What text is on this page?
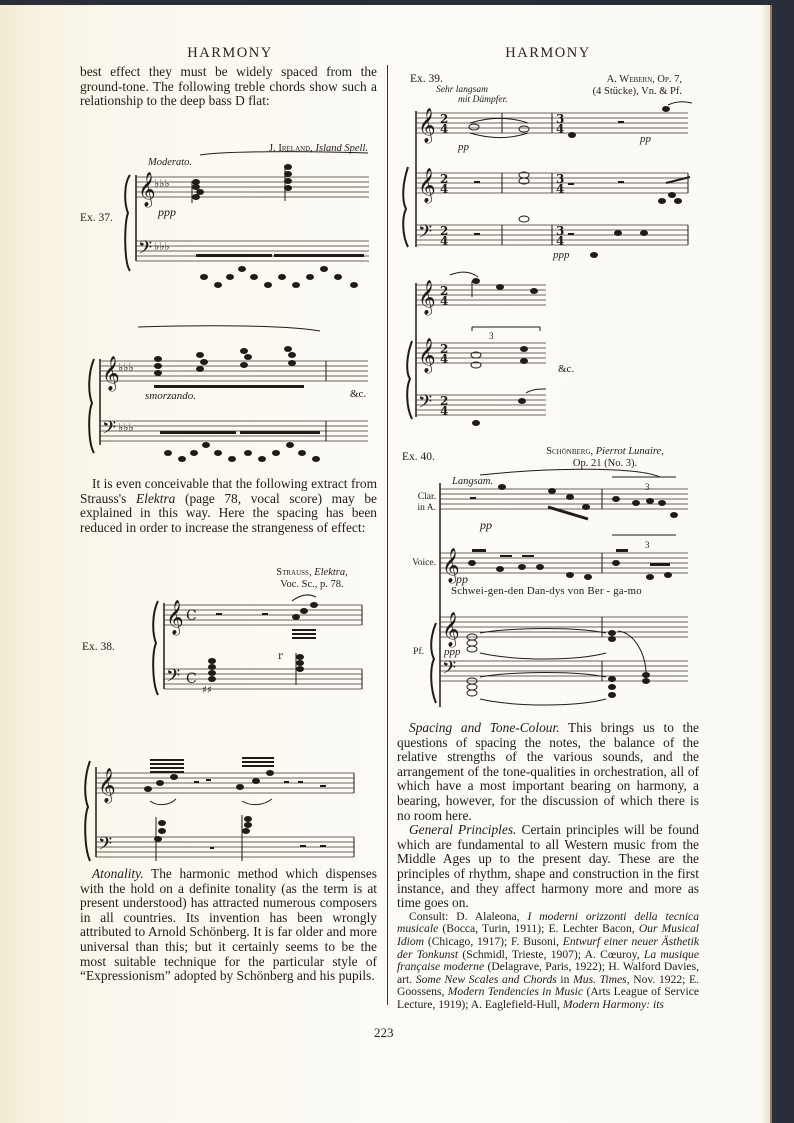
HARMONY	HARMONY

best effect they must be widely spaced from the ground-tone. The following treble chords show such a relationship to the deep bass D flat:

J. Ireland, Island Spell.
Moderato.
Ex. 37.	ppp
𝄞
𝄢
♭♭♭
♭♭♭
smorzando.	&c.
𝄞
𝄢
♭♭♭
♭♭♭

It is even conceivable that the following extract from Strauss's Elektra (page 78, vocal score) may be explained in this way. Here the spacing has been reduced in order to increase the strangeness of effect:

Strauss, Elektra,
Voc. Sc., p. 78.
Ex. 38.
𝄞
𝄢
C
C
♯♯
r
𝄞
𝄢

Atonality. The harmonic method which dispenses with the hold on a definite tonality (as the term is at present understood) has attracted numerous composers in all countries. Its invention has been wrongly attributed to Arnold Schönberg. It is far older and more universal than this; but it certainly seems to be the most suitable technique for the particular style of “Expressionism” adopted by Schönberg and his pupils.

Ex. 39.	A. Webern, Op. 7,
(4 Stücke), Vn. & Pf.
Sehr langsam
mit Dämpfer.
pp
pp
ppp
𝄞
𝄞
𝄢
2
4
2
4
2
4
3
4
3
4
3
4
3
&c.
𝄞
𝄞
𝄢
2
4
2
4
2
4
Ex. 40.	Schönberg, Pierrot Lunaire,
Op. 21 (No. 3).
Langsam.
Clar.
in A.
Voice.
Pf.
pp
pp
ppp
3
3
Schwei-gen-den Dan-dys von Ber - ga-mo
𝄞
𝄞
𝄢

Spacing and Tone-Colour. This brings us to the questions of spacing the notes, the balance of the relative strengths of the various sounds, and the arrangement of the tone-qualities in orchestration, all of which have a most important bearing on harmony, a bearing, however, for the discussion of which there is no room here.

General Principles. Certain principles will be found which are fundamental to all Western music from the Middle Ages up to the present day. These are the principles of rhythm, shape and construction in the first instance, and they affect harmony more and more as time goes on.

Consult: D. Alaleona, I moderni orizzonti della tecnica musicale (Bocca, Turin, 1911); E. Lechter Bacon, Our Musical Idiom (Chicago, 1917); F. Busoni, Entwurf einer neuer Ästhetik der Tonkunst (Schmidl, Trieste, 1907); A. Cœuroy, La musique française moderne (Delagrave, Paris, 1922); H. Walford Davies, art. Some New Scales and Chords in Mus. Times, Nov. 1922; E. Goossens, Modern Tendencies in Music (Arts League of Service Lecture, 1919); A. Eaglefield-Hull, Modern Harmony: its

223
